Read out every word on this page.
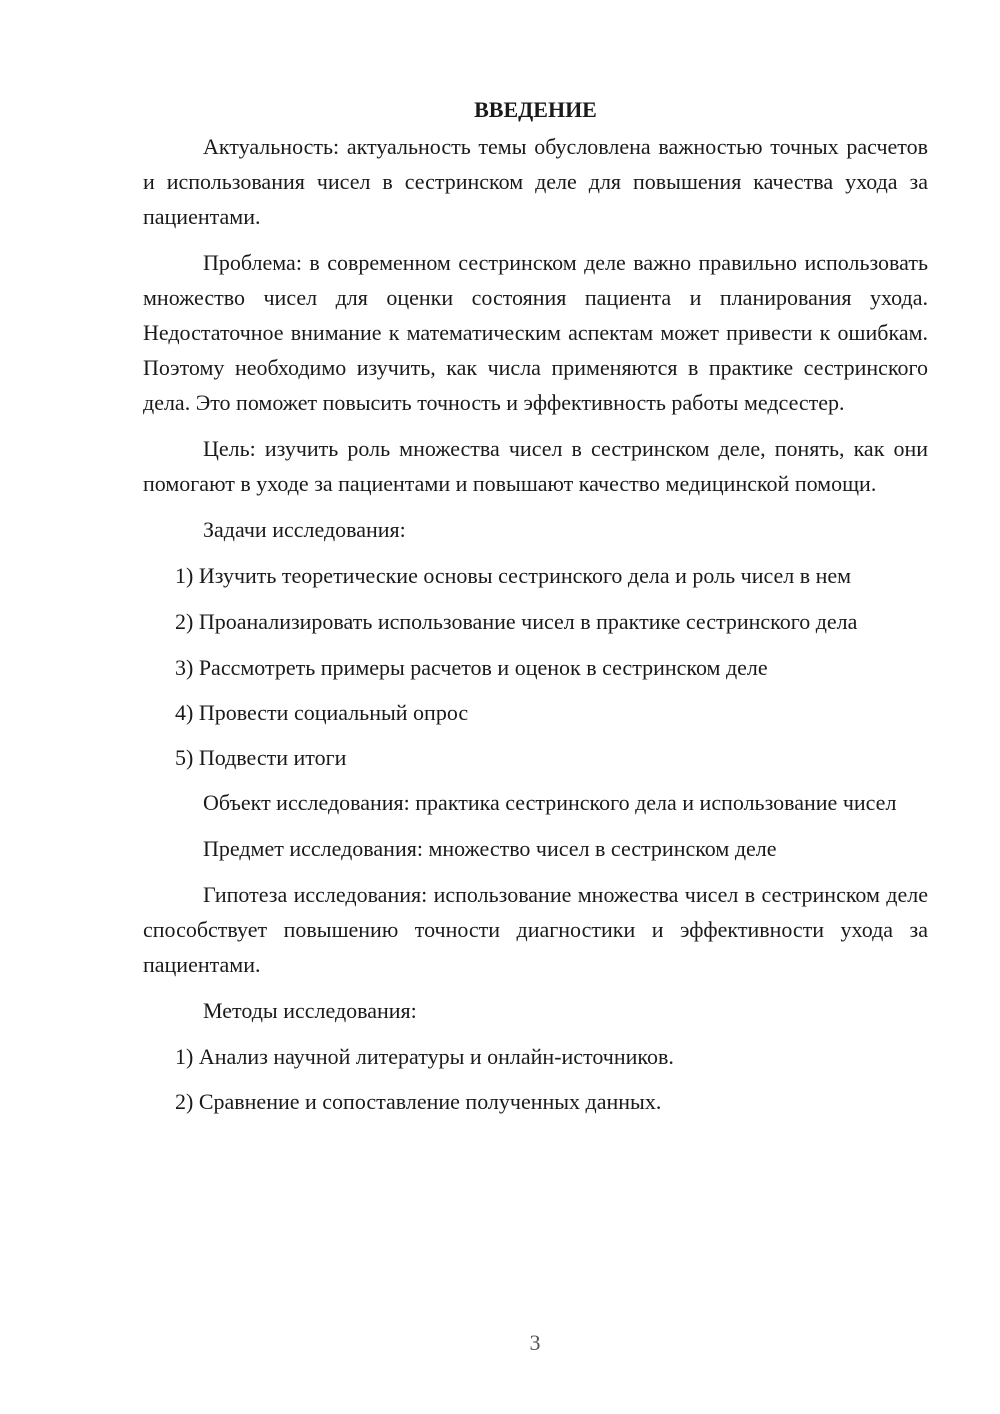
ВВЕДЕНИЕ

Актуальность: актуальность темы обусловлена важностью точных расчетов и использования чисел в сестринском деле для повышения качества ухода за пациентами.

Проблема: в современном сестринском деле важно правильно использовать множество чисел для оценки состояния пациента и планирования ухода. Недостаточное внимание к математическим аспектам может привести к ошибкам. Поэтому необходимо изучить, как числа применяются в практике сестринского дела. Это поможет повысить точность и эффективность работы медсестер.

Цель: изучить роль множества чисел в сестринском деле, понять, как они помогают в уходе за пациентами и повышают качество медицинской помощи.

Задачи исследования:

1) Изучить теоретические основы сестринского дела и роль чисел в нем

2) Проанализировать использование чисел в практике сестринского дела

3) Рассмотреть примеры расчетов и оценок в сестринском деле

4) Провести социальный опрос

5) Подвести итоги

Объект исследования: практика сестринского дела и использование чисел

Предмет исследования: множество чисел в сестринском деле

Гипотеза исследования: использование множества чисел в сестринском деле способствует повышению точности диагностики и эффективности ухода за пациентами.

Методы исследования:

1) Анализ научной литературы и онлайн-источников.

2) Сравнение и сопоставление полученных данных.

3
